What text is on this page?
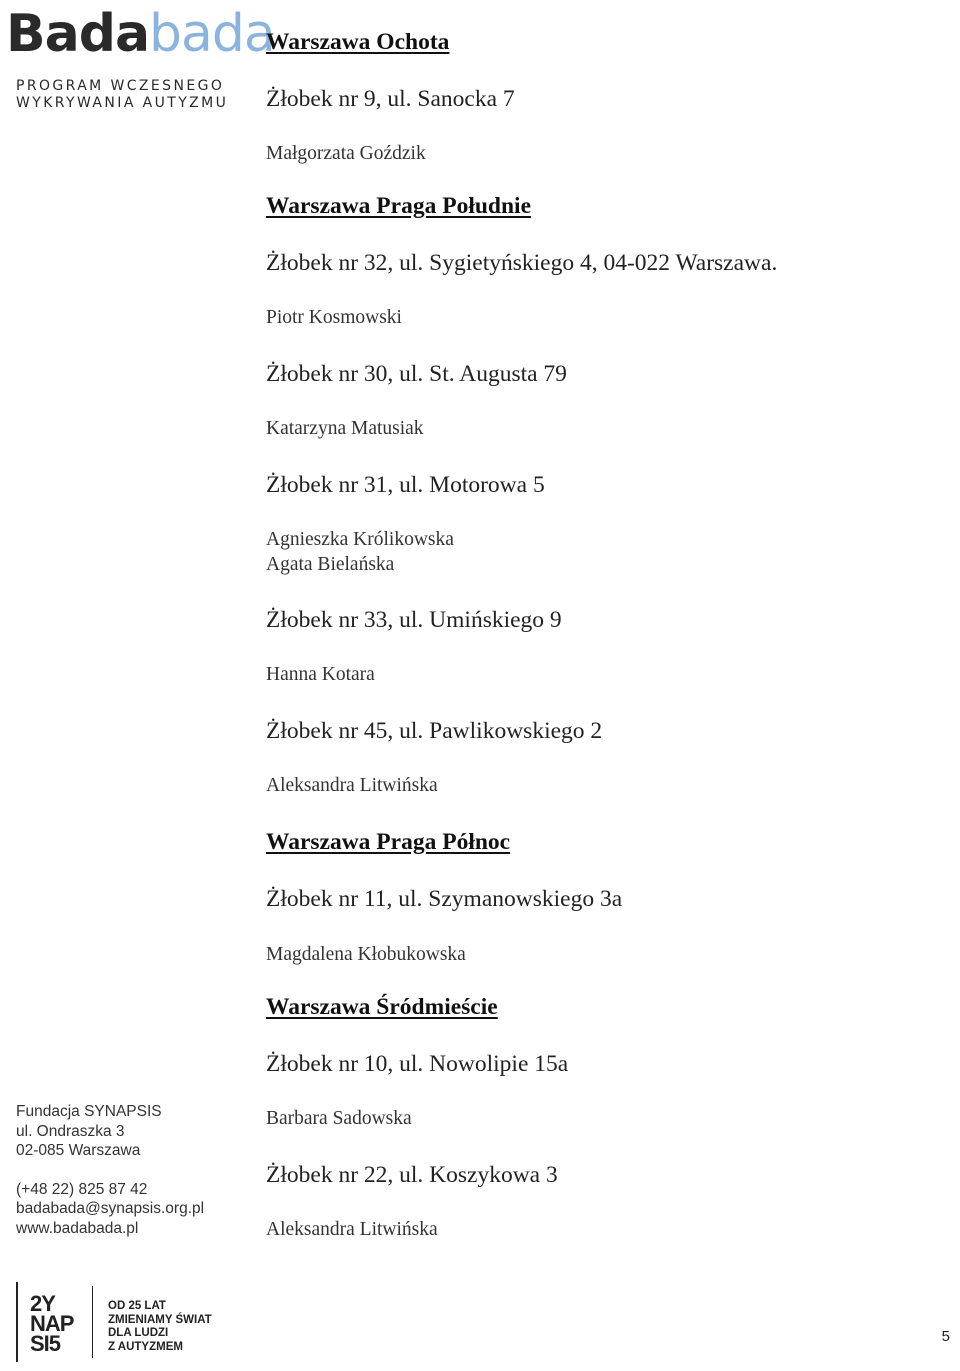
Badabada
PROGRAM WCZESNEGO
WYKRYWANIA AUTYZMU
Fundacja SYNAPSIS
ul. Ondraszka 3
02-085 Warszawa
(+48 22) 825 87 42
badabada@synapsis.org.pl
www.badabada.pl
2Y
NAP
SI5
OD 25 LAT
ZMIENIAMY ŚWIAT
DLA LUDZI
Z AUTYZMEM
Warszawa Ochota
Żłobek nr 9, ul. Sanocka 7
Małgorzata Goździk
Warszawa Praga Południe
Żłobek nr 32, ul. Sygietyńskiego 4, 04-022 Warszawa.
Piotr Kosmowski
Żłobek nr 30, ul. St. Augusta 79
Katarzyna Matusiak
Żłobek nr 31, ul. Motorowa 5
Agnieszka Królikowska
Agata Bielańska
Żłobek nr 33, ul. Umińskiego 9
Hanna Kotara
Żłobek nr 45, ul. Pawlikowskiego 2
Aleksandra Litwińska
Warszawa Praga Północ
Żłobek nr 11, ul. Szymanowskiego 3a
Magdalena Kłobukowska
Warszawa Śródmieście
Żłobek nr 10, ul. Nowolipie 15a
Barbara Sadowska
Żłobek nr 22, ul. Koszykowa 3
Aleksandra Litwińska
5
